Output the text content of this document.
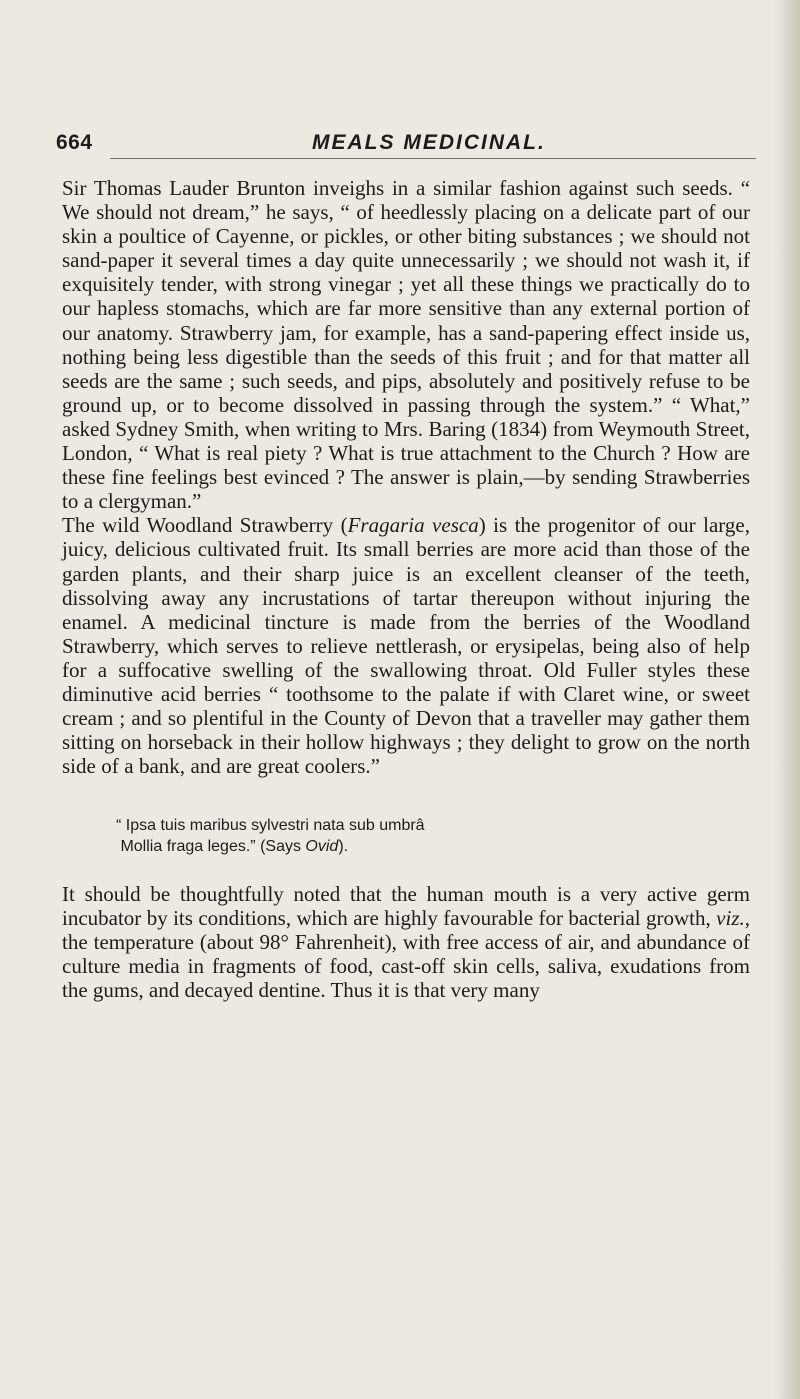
664	MEALS MEDICINAL.

Sir Thomas Lauder Brunton inveighs in a similar fashion against such seeds. “ We should not dream,” he says, “ of heedlessly placing on a delicate part of our skin a poultice of Cayenne, or pickles, or other biting substances ; we should not sand-paper it several times a day quite unnecessarily ; we should not wash it, if exquisitely tender, with strong vinegar ; yet all these things we practically do to our hapless stomachs, which are far more sensitive than any external portion of our anatomy. Strawberry jam, for example, has a sand-papering effect inside us, nothing being less digestible than the seeds of this fruit ; and for that matter all seeds are the same ; such seeds, and pips, absolutely and positively refuse to be ground up, or to become dissolved in passing through the system.” “ What,” asked Sydney Smith, when writing to Mrs. Baring (1834) from Weymouth Street, London, “ What is real piety ? What is true attachment to the Church ? How are these fine feelings best evinced ? The answer is plain,—by sending Strawberries to a clergyman.”

The wild Woodland Strawberry (Fragaria vesca) is the progenitor of our large, juicy, delicious cultivated fruit. Its small berries are more acid than those of the garden plants, and their sharp juice is an excellent cleanser of the teeth, dissolving away any incrustations of tartar thereupon without injuring the enamel. A medicinal tincture is made from the berries of the Woodland Strawberry, which serves to relieve nettlerash, or erysipelas, being also of help for a suffocative swelling of the swallowing throat. Old Fuller styles these diminutive acid berries “ toothsome to the palate if with Claret wine, or sweet cream ; and so plentiful in the County of Devon that a traveller may gather them sitting on horseback in their hollow highways ; they delight to grow on the north side of a bank, and are great coolers.”

“ Ipsa tuis maribus sylvestri nata sub umbrâ

Mollia fraga leges.” (Says Ovid).

It should be thoughtfully noted that the human mouth is a very active germ incubator by its conditions, which are highly favourable for bacterial growth, viz., the temperature (about 98° Fahrenheit), with free access of air, and abundance of culture media in fragments of food, cast-off skin cells, saliva, exudations from the gums, and decayed dentine. Thus it is that very many
